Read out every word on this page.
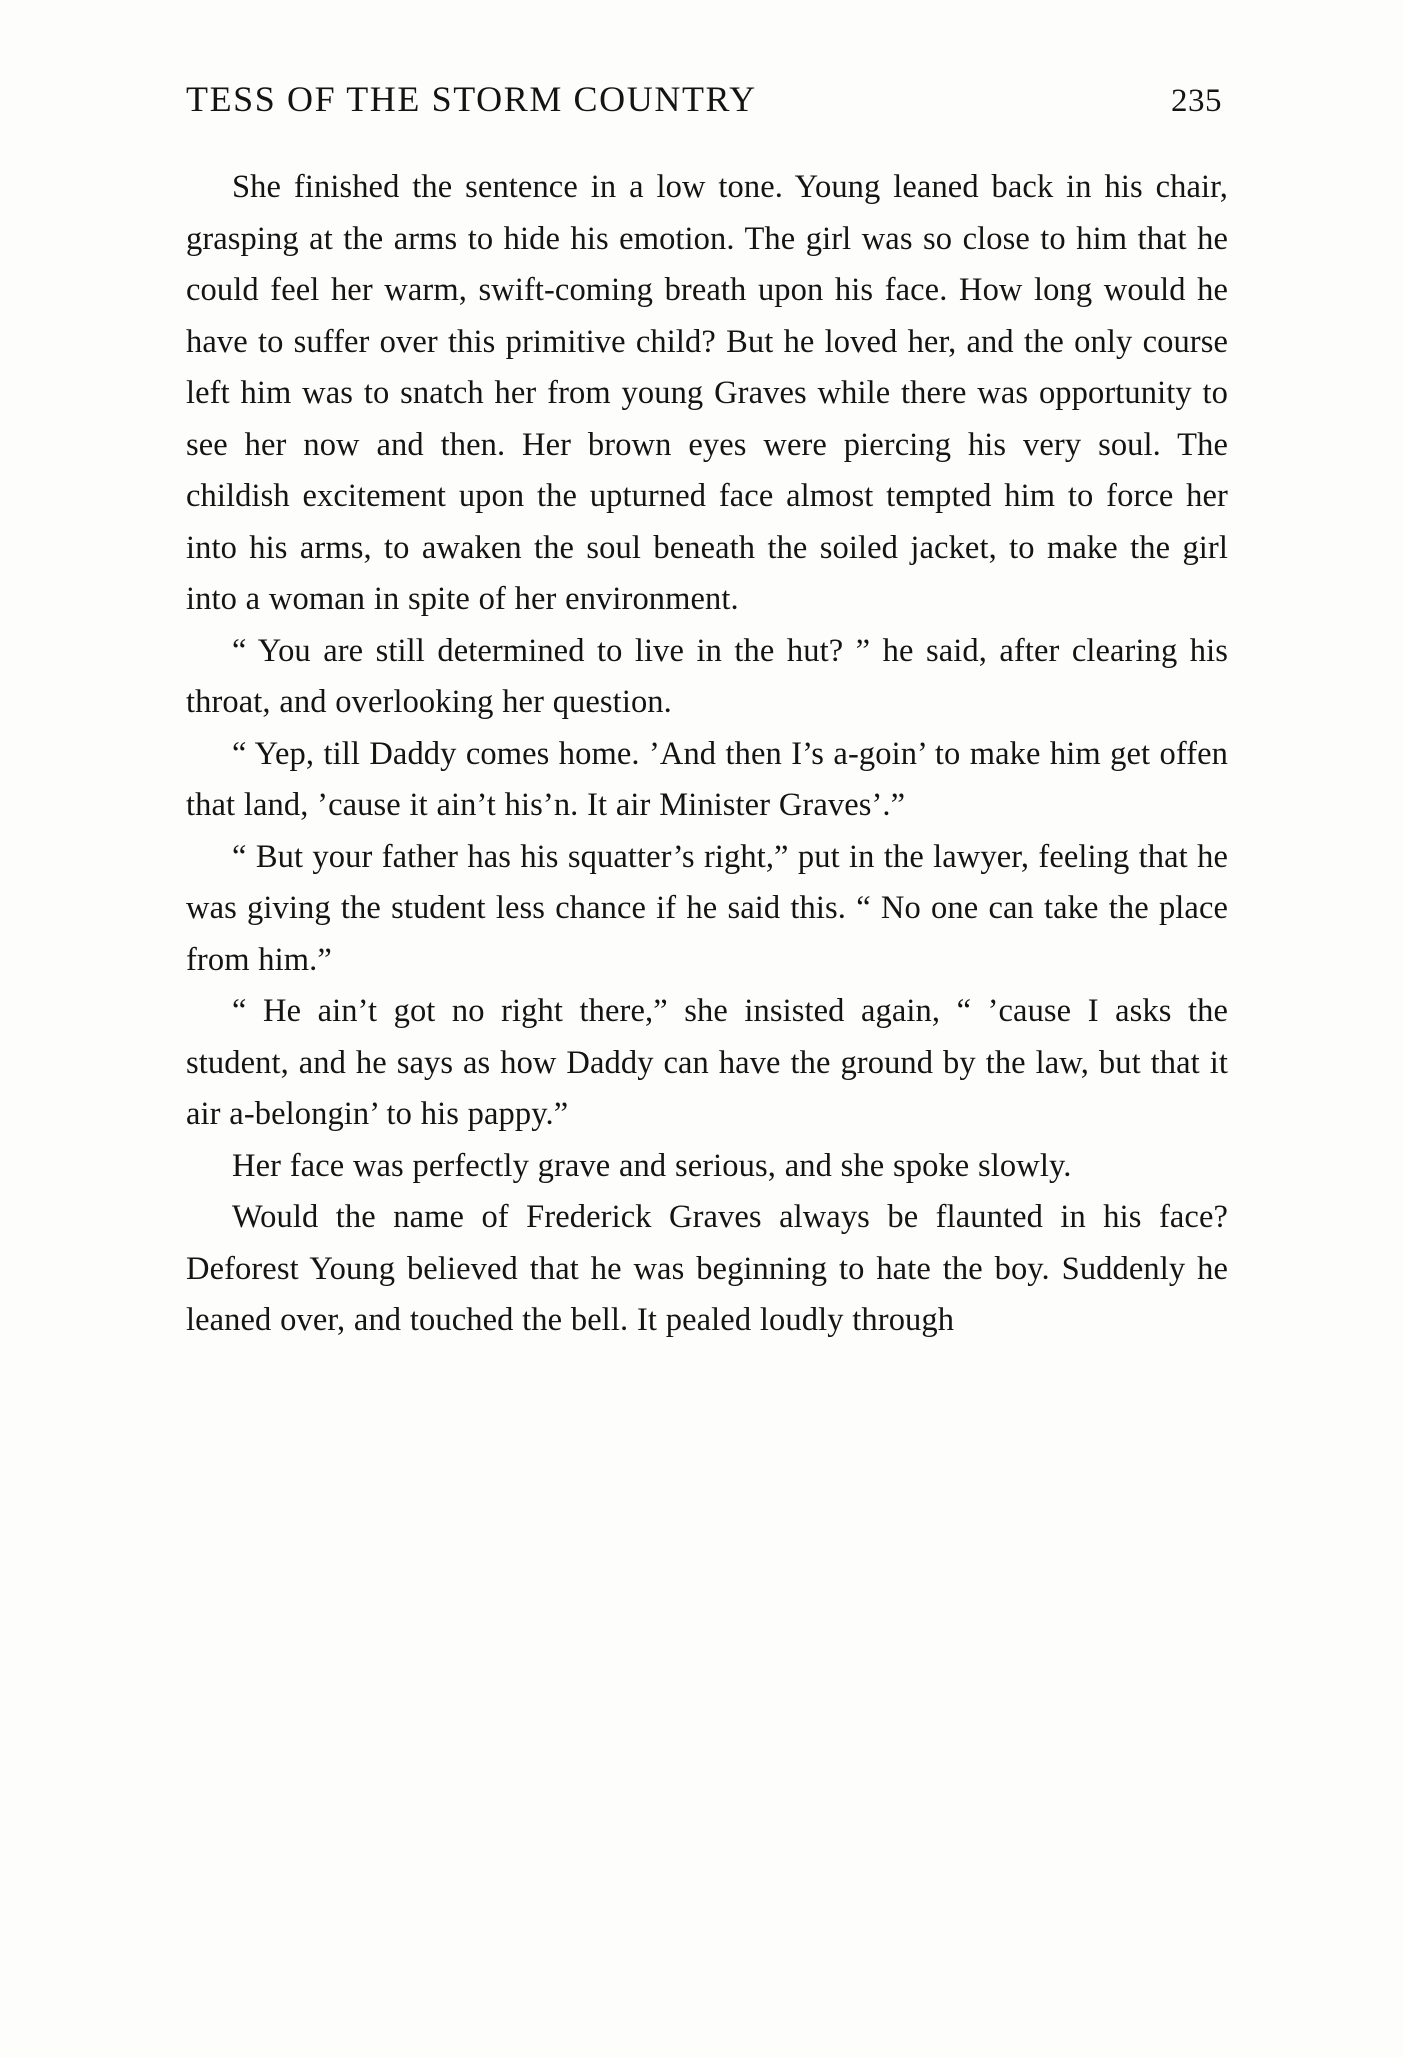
TESS OF THE STORM COUNTRY	235

She finished the sentence in a low tone. Young leaned back in his chair, grasping at the arms to hide his emotion. The girl was so close to him that he could feel her warm, swift-coming breath upon his face. How long would he have to suffer over this primitive child? But he loved her, and the only course left him was to snatch her from young Graves while there was opportunity to see her now and then. Her brown eyes were piercing his very soul. The childish excitement upon the upturned face almost tempted him to force her into his arms, to awaken the soul beneath the soiled jacket, to make the girl into a woman in spite of her environment.

“ You are still determined to live in the hut? ” he said, after clearing his throat, and overlooking her question.

“ Yep, till Daddy comes home. ’And then I’s a-goin’ to make him get offen that land, ’cause it ain’t his’n. It air Minister Graves’.”

“ But your father has his squatter’s right,” put in the lawyer, feeling that he was giving the student less chance if he said this. “ No one can take the place from him.”

“ He ain’t got no right there,” she insisted again, “ ’cause I asks the student, and he says as how Daddy can have the ground by the law, but that it air a-belongin’ to his pappy.”

Her face was perfectly grave and serious, and she spoke slowly.

Would the name of Frederick Graves always be flaunted in his face? Deforest Young believed that he was beginning to hate the boy. Suddenly he leaned over, and touched the bell. It pealed loudly through
